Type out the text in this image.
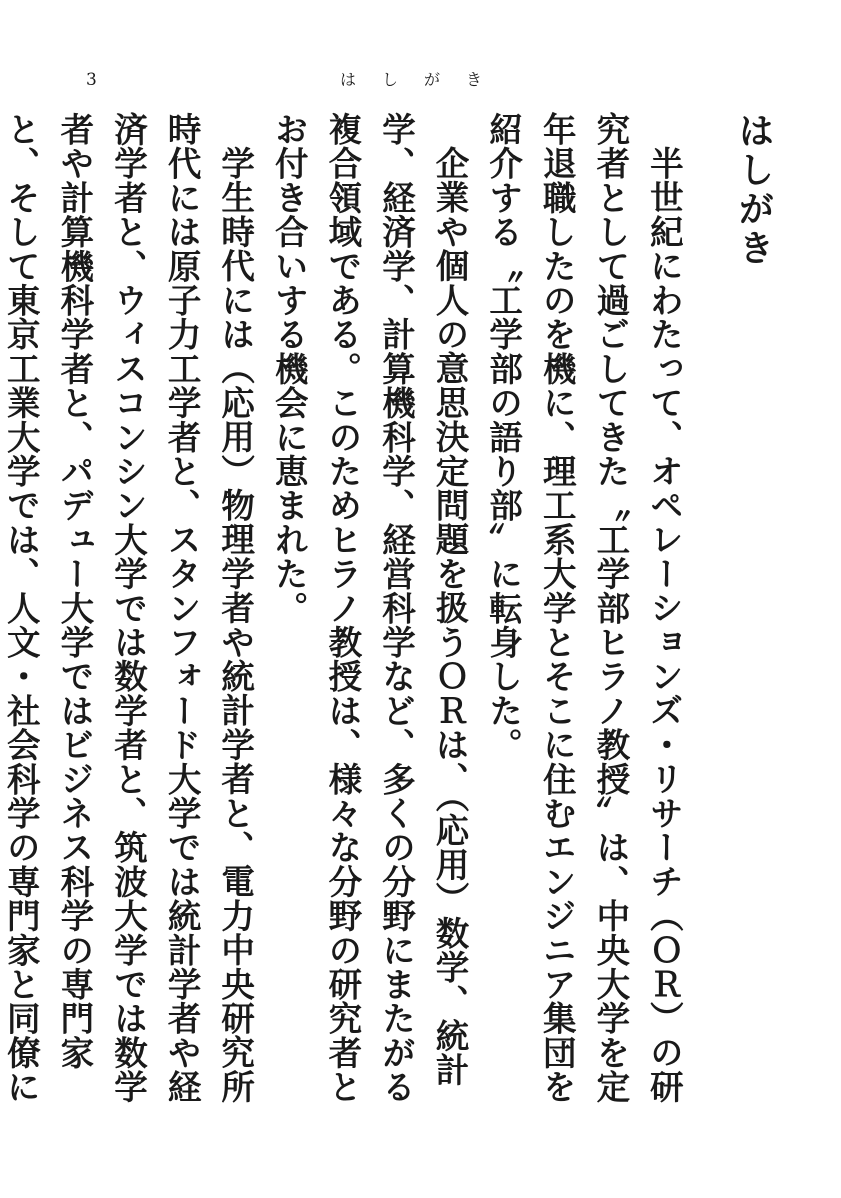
3	はしがき
はしがき

半世紀にわたって、オペレーションズ・リサーチ（ＯＲ）の研究者として過ごしてきた〝工学部ヒラノ教授〟は、中央大学を定年退職したのを機に、理工系大学とそこに住むエンジニア集団を紹介する〝工学部の語り部〟に転身した。

企業や個人の意思決定問題を扱うＯＲは、（応用）数学、統計学、経済学、計算機科学、経営科学など、多くの分野にまたがる複合領域である。このためヒラノ教授は、様々な分野の研究者とお付き合いする機会に恵まれた。

学生時代には（応用）物理学者や統計学者と、電力中央研究所時代には原子力工学者と、スタンフォード大学では統計学者や経済学者と、ウィスコンシン大学では数学者と、筑波大学では数学者や計算機科学者と、パデュー大学ではビジネス科学の専門家と、そして東京工業大学では、人文・社会科学の専門家と同僚に
